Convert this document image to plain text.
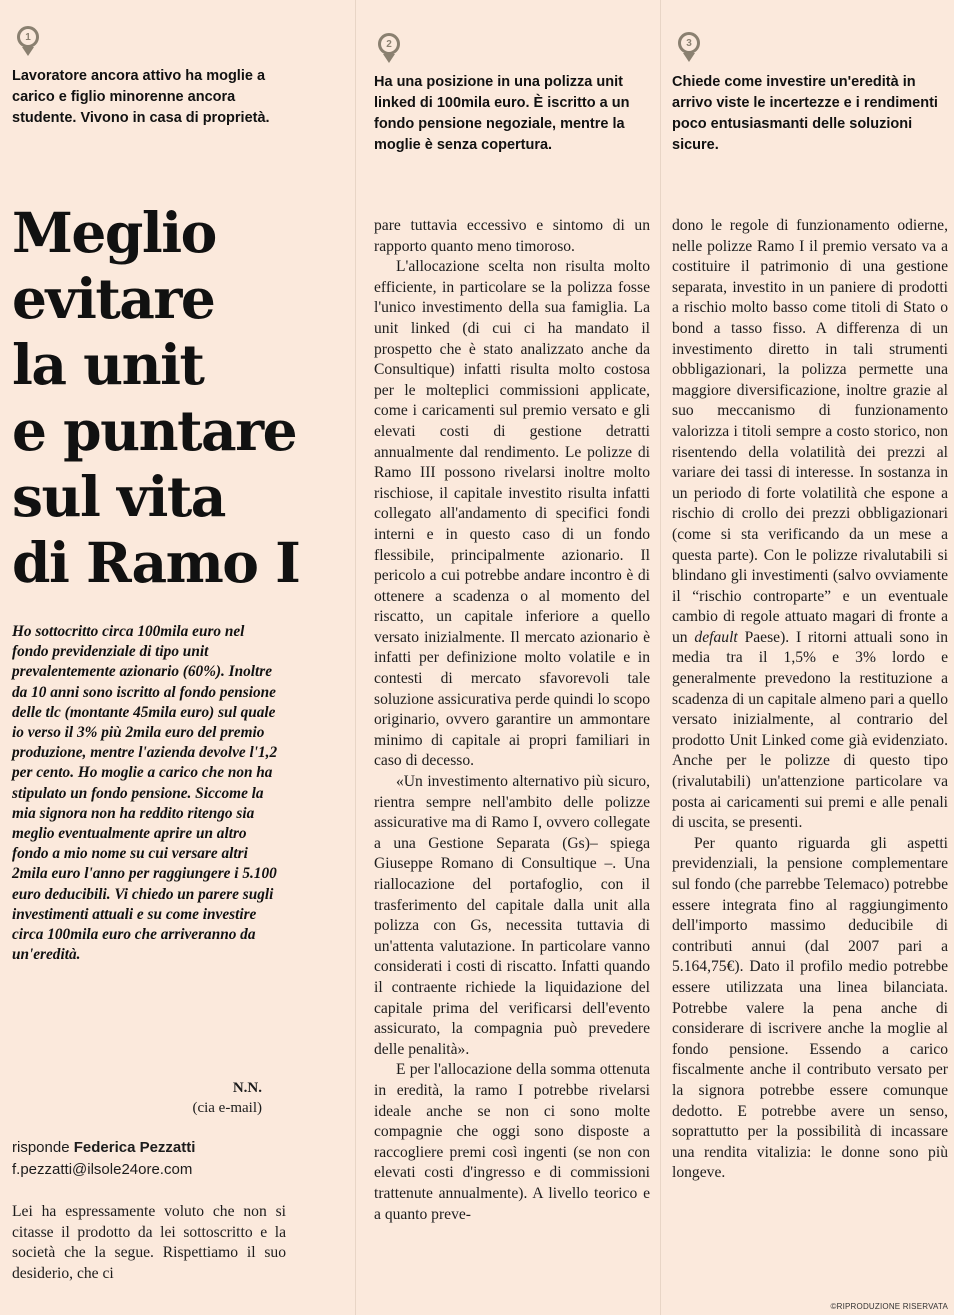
1
2	3
Lavoratore ancora attivo ha moglie a carico e figlio minorenne ancora studente. Vivono in casa di proprietà.
Ha una posizione in una polizza unit linked di 100mila euro. È iscritto a un fondo pensione negoziale, mentre la moglie è senza copertura.
Chiede come investire un'eredità in arrivo viste le incertezze e i rendimenti poco entusiasmanti delle soluzioni sicure.
Meglio
evitare
la unit
e puntare
sul vita
di Ramo I
Ho sottocritto circa 100mila euro nel fondo previdenziale di tipo unit prevalentemente azionario (60%). Inoltre da 10 anni sono iscritto al fondo pensione delle tlc (montante 45mila euro) sul quale io verso il 3% più 2mila euro del premio produzione, mentre l'azienda devolve l'1,2 per cento. Ho moglie a carico che non ha stipulato un fondo pensione. Siccome la mia signora non ha reddito ritengo sia meglio eventualmente aprire un altro fondo a mio nome su cui versare altri 2mila euro l'anno per raggiungere i 5.100 euro deducibili. Vi chiedo un parere sugli investimenti attuali e su come investire circa 100mila euro che arriveranno da un'eredità.
N.N.
(cia e-mail)
risponde Federica Pezzatti
f.pezzatti@ilsole24ore.com

Lei ha espressamente voluto che non si citasse il prodotto da lei sottoscritto e la società che la segue. Rispettiamo il suo desiderio, che ci

pare tuttavia eccessivo e sintomo di un rapporto quanto meno timoroso.

L'allocazione scelta non risulta molto efficiente, in particolare se la polizza fosse l'unico investimento della sua famiglia. La unit linked (di cui ci ha mandato il prospetto che è stato analizzato anche da Consultique) infatti risulta molto costosa per le molteplici commissioni applicate, come i caricamenti sul premio versato e gli elevati costi di gestione detratti annualmente dal rendimento. Le polizze di Ramo III possono rivelarsi inoltre molto rischiose, il capitale investito risulta infatti collegato all'andamento di specifici fondi interni e in questo caso di un fondo flessibile, principalmente azionario. Il pericolo a cui potrebbe andare incontro è di ottenere a scadenza o al momento del riscatto, un capitale inferiore a quello versato inizialmente. Il mercato azionario è infatti per definizione molto volatile e in contesti di mercato sfavorevoli tale soluzione assicurativa perde quindi lo scopo originario, ovvero garantire un ammontare minimo di capitale ai propri familiari in caso di decesso.

«Un investimento alternativo più sicuro, rientra sempre nell'ambito delle polizze assicurative ma di Ramo I, ovvero collegate a una Gestione Separata (Gs)– spiega Giuseppe Romano di Consultique –. Una riallocazione del portafoglio, con il trasferimento del capitale dalla unit alla polizza con Gs, necessita tuttavia di un'attenta valutazione. In particolare vanno considerati i costi di riscatto. Infatti quando il contraente richiede la liquidazione del capitale prima del verificarsi dell'evento assicurato, la compagnia può prevedere delle penalità».

E per l'allocazione della somma ottenuta in eredità, la ramo I potrebbe rivelarsi ideale anche se non ci sono molte compagnie che oggi sono disposte a raccogliere premi così ingenti (se non con elevati costi d'ingresso e di commissioni trattenute annualmente). A livello teorico e a quanto preve-

dono le regole di funzionamento odierne, nelle polizze Ramo I il premio versato va a costituire il patrimonio di una gestione separata, investito in un paniere di prodotti a rischio molto basso come titoli di Stato o bond a tasso fisso. A differenza di un investimento diretto in tali strumenti obbligazionari, la polizza permette una maggiore diversificazione, inoltre grazie al suo meccanismo di funzionamento valorizza i titoli sempre a costo storico, non risentendo della volatilità dei prezzi al variare dei tassi di interesse. In sostanza in un periodo di forte volatilità che espone a rischio di crollo dei prezzi obbligazionari (come si sta verificando da un mese a questa parte). Con le polizze rivalutabili si blindano gli investimenti (salvo ovviamente il “rischio controparte” e un eventuale cambio di regole attuato magari di fronte a un default Paese). I ritorni attuali sono in media tra il 1,5% e 3% lordo e generalmente prevedono la restituzione a scadenza di un capitale almeno pari a quello versato inizialmente, al contrario del prodotto Unit Linked come già evidenziato. Anche per le polizze di questo tipo (rivalutabili) un'attenzione particolare va posta ai caricamenti sui premi e alle penali di uscita, se presenti.

Per quanto riguarda gli aspetti previdenziali, la pensione complementare sul fondo (che parrebbe Telemaco) potrebbe essere integrata fino al raggiungimento dell'importo massimo deducibile di contributi annui (dal 2007 pari a 5.164,75€). Dato il profilo medio potrebbe essere utilizzata una linea bilanciata. Potrebbe valere la pena anche di considerare di iscrivere anche la moglie al fondo pensione. Essendo a carico fiscalmente anche il contributo versato per la signora potrebbe essere comunque dedotto. E potrebbe avere un senso, soprattutto per la possibilità di incassare una rendita vitalizia: le donne sono più longeve.

©RIPRODUZIONE RISERVATA
